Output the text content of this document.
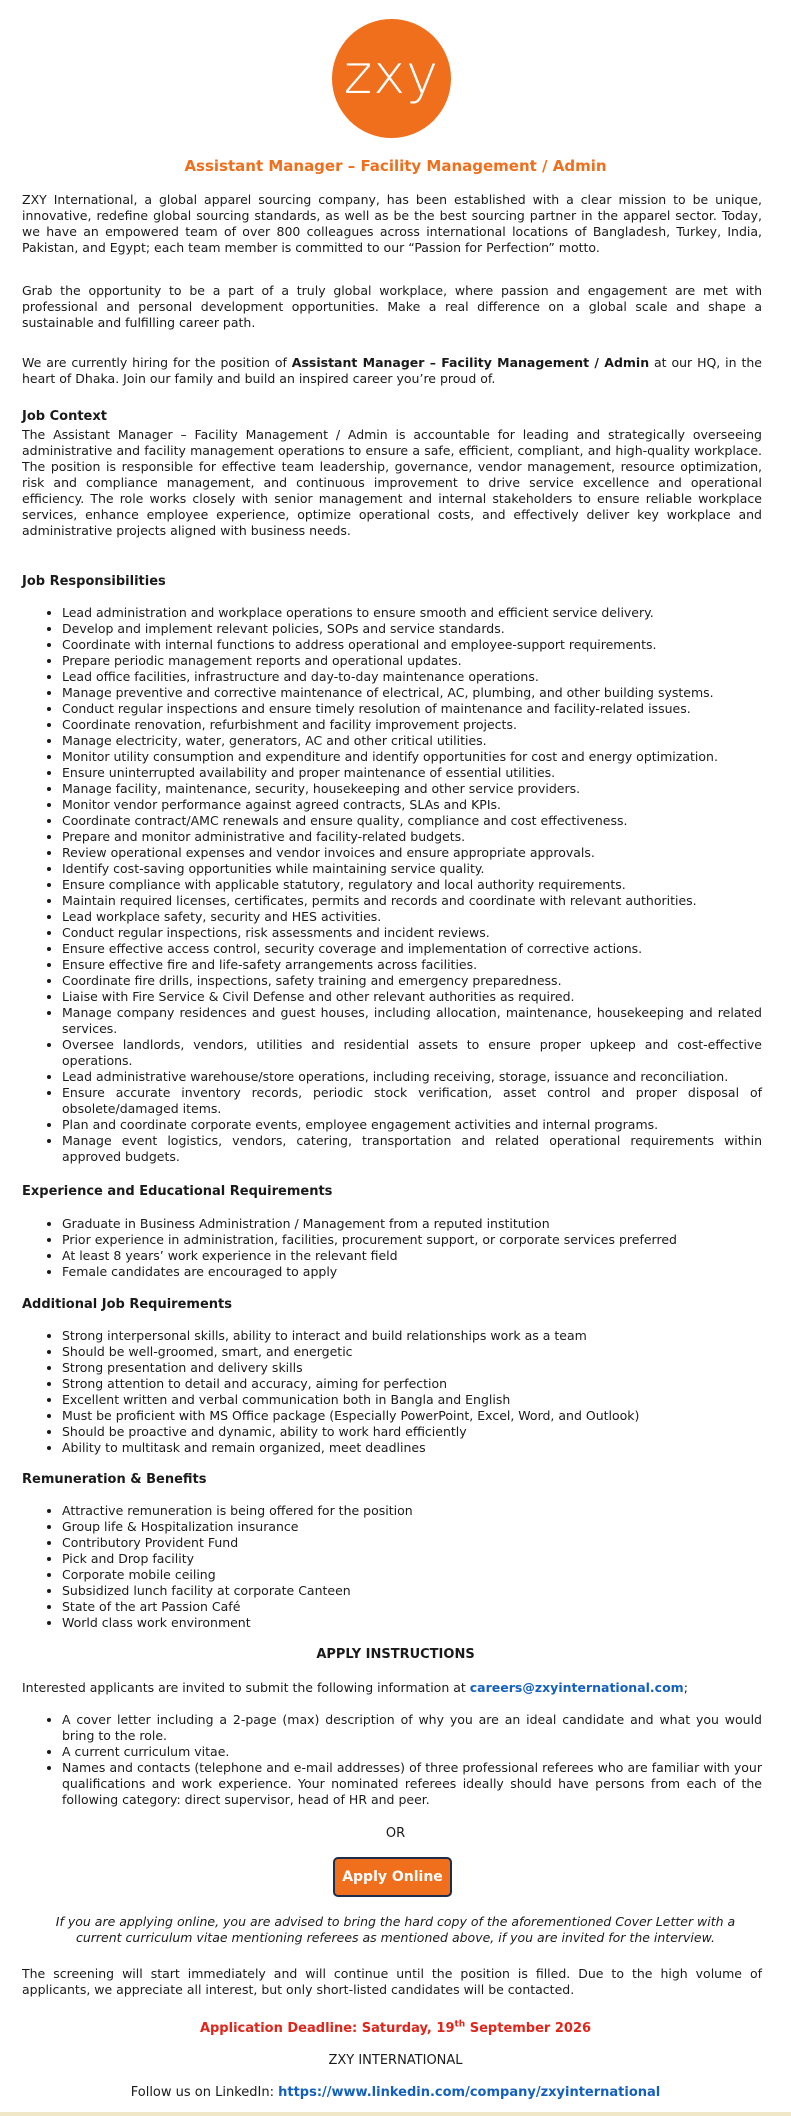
zxy
Assistant Manager – Facility Management / Admin
ZXY International, a global apparel sourcing company, has been established with a clear mission to be unique, innovative, redefine global sourcing standards, as well as be the best sourcing partner in the apparel sector. Today, we have an empowered team of over 800 colleagues across international locations of Bangladesh, Turkey, India, Pakistan, and Egypt; each team member is committed to our “Passion for Perfection” motto.
Grab the opportunity to be a part of a truly global workplace, where passion and engagement are met with professional and personal development opportunities. Make a real difference on a global scale and shape a sustainable and fulfilling career path.
We are currently hiring for the position of Assistant Manager – Facility Management / Admin at our HQ, in the heart of Dhaka. Join our family and build an inspired career you’re proud of.
Job Context
The Assistant Manager – Facility Management / Admin is accountable for leading and strategically overseeing administrative and facility management operations to ensure a safe, efficient, compliant, and high-quality workplace. The position is responsible for effective team leadership, governance, vendor management, resource optimization, risk and compliance management, and continuous improvement to drive service excellence and operational efficiency. The role works closely with senior management and internal stakeholders to ensure reliable workplace services, enhance employee experience, optimize operational costs, and effectively deliver key workplace and administrative projects aligned with business needs.
Job Responsibilities
• Lead administration and workplace operations to ensure smooth and efficient service delivery.
• Develop and implement relevant policies, SOPs and service standards.
• Coordinate with internal functions to address operational and employee-support requirements.
• Prepare periodic management reports and operational updates.
• Lead office facilities, infrastructure and day-to-day maintenance operations.
• Manage preventive and corrective maintenance of electrical, AC, plumbing, and other building systems.
• Conduct regular inspections and ensure timely resolution of maintenance and facility-related issues.
• Coordinate renovation, refurbishment and facility improvement projects.
• Manage electricity, water, generators, AC and other critical utilities.
• Monitor utility consumption and expenditure and identify opportunities for cost and energy optimization.
• Ensure uninterrupted availability and proper maintenance of essential utilities.
• Manage facility, maintenance, security, housekeeping and other service providers.
• Monitor vendor performance against agreed contracts, SLAs and KPIs.
• Coordinate contract/AMC renewals and ensure quality, compliance and cost effectiveness.
• Prepare and monitor administrative and facility-related budgets.
• Review operational expenses and vendor invoices and ensure appropriate approvals.
• Identify cost-saving opportunities while maintaining service quality.
• Ensure compliance with applicable statutory, regulatory and local authority requirements.
• Maintain required licenses, certificates, permits and records and coordinate with relevant authorities.
• Lead workplace safety, security and HES activities.
• Conduct regular inspections, risk assessments and incident reviews.
• Ensure effective access control, security coverage and implementation of corrective actions.
• Ensure effective fire and life-safety arrangements across facilities.
• Coordinate fire drills, inspections, safety training and emergency preparedness.
• Liaise with Fire Service & Civil Defense and other relevant authorities as required.
• Manage company residences and guest houses, including allocation, maintenance, housekeeping and related services.
• Oversee landlords, vendors, utilities and residential assets to ensure proper upkeep and cost-effective operations.
• Lead administrative warehouse/store operations, including receiving, storage, issuance and reconciliation.
• Ensure accurate inventory records, periodic stock verification, asset control and proper disposal of obsolete/damaged items.
• Plan and coordinate corporate events, employee engagement activities and internal programs.
• Manage event logistics, vendors, catering, transportation and related operational requirements within approved budgets.
Experience and Educational Requirements
• Graduate in Business Administration / Management from a reputed institution
• Prior experience in administration, facilities, procurement support, or corporate services preferred
• At least 8 years’ work experience in the relevant field
• Female candidates are encouraged to apply
Additional Job Requirements
• Strong interpersonal skills, ability to interact and build relationships work as a team
• Should be well-groomed, smart, and energetic
• Strong presentation and delivery skills
• Strong attention to detail and accuracy, aiming for perfection
• Excellent written and verbal communication both in Bangla and English
• Must be proficient with MS Office package (Especially PowerPoint, Excel, Word, and Outlook)
• Should be proactive and dynamic, ability to work hard efficiently
• Ability to multitask and remain organized, meet deadlines
Remuneration & Benefits
• Attractive remuneration is being offered for the position
• Group life & Hospitalization insurance
• Contributory Provident Fund
• Pick and Drop facility
• Corporate mobile ceiling
• Subsidized lunch facility at corporate Canteen
• State of the art Passion Café
• World class work environment
APPLY INSTRUCTIONS
Interested applicants are invited to submit the following information at careers@zxyinternational.com;
• A cover letter including a 2-page (max) description of why you are an ideal candidate and what you would bring to the role.
• A current curriculum vitae.
• Names and contacts (telephone and e-mail addresses) of three professional referees who are familiar with your qualifications and work experience. Your nominated referees ideally should have persons from each of the following category: direct supervisor, head of HR and peer.
OR
Apply Online
If you are applying online, you are advised to bring the hard copy of the aforementioned Cover Letter with a current curriculum vitae mentioning referees as mentioned above, if you are invited for the interview.
The screening will start immediately and will continue until the position is filled. Due to the high volume of applicants, we appreciate all interest, but only short-listed candidates will be contacted.
Application Deadline: Saturday, 19th September 2026
ZXY INTERNATIONAL
Follow us on LinkedIn: https://www.linkedin.com/company/zxyinternational
